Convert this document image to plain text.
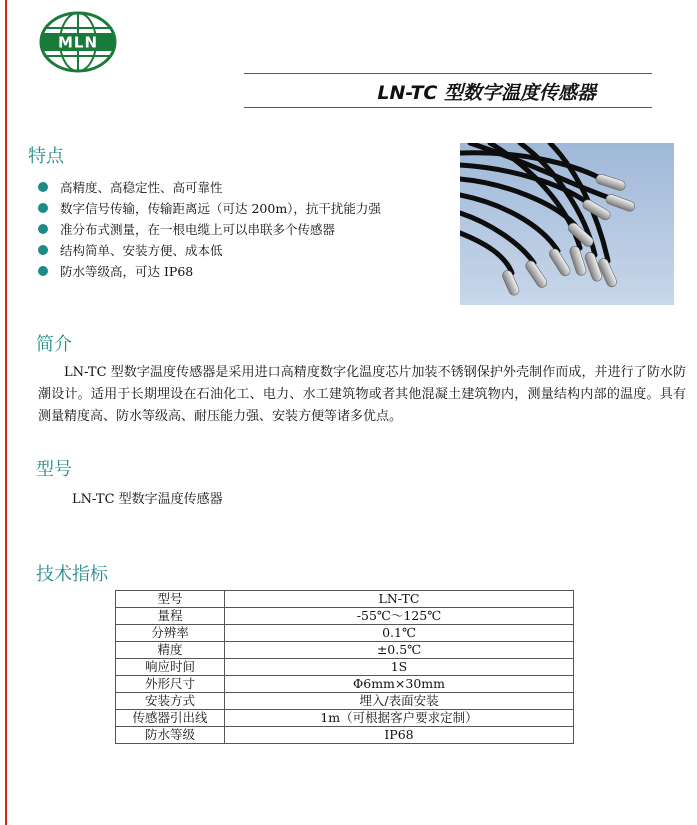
MLN
LN-TC 型数字温度传感器
特点
高精度、高稳定性、高可靠性
数字信号传输，传输距离远（可达 200m），抗干扰能力强
准分布式测量，在一根电缆上可以串联多个传感器
结构简单、安装方便、成本低
防水等级高，可达 IP68
简介

LN-TC 型数字温度传感器是采用进口高精度数字化温度芯片加装不锈钢保护外壳制作而成，并进行了防水防潮设计。适用于长期埋设在石油化工、电力、水工建筑物或者其他混凝土建筑物内，测量结构内部的温度。具有测量精度高、防水等级高、耐压能力强、安装方便等诸多优点。

型号
LN-TC 型数字温度传感器
技术指标
型号	LN-TC
量程	-55℃～125℃
分辨率	0.1℃
精度	±0.5℃
响应时间	1S
外形尺寸	Φ6mm×30mm
安装方式	埋入/表面安装
传感器引出线	1m（可根据客户要求定制）
防水等级	IP68
